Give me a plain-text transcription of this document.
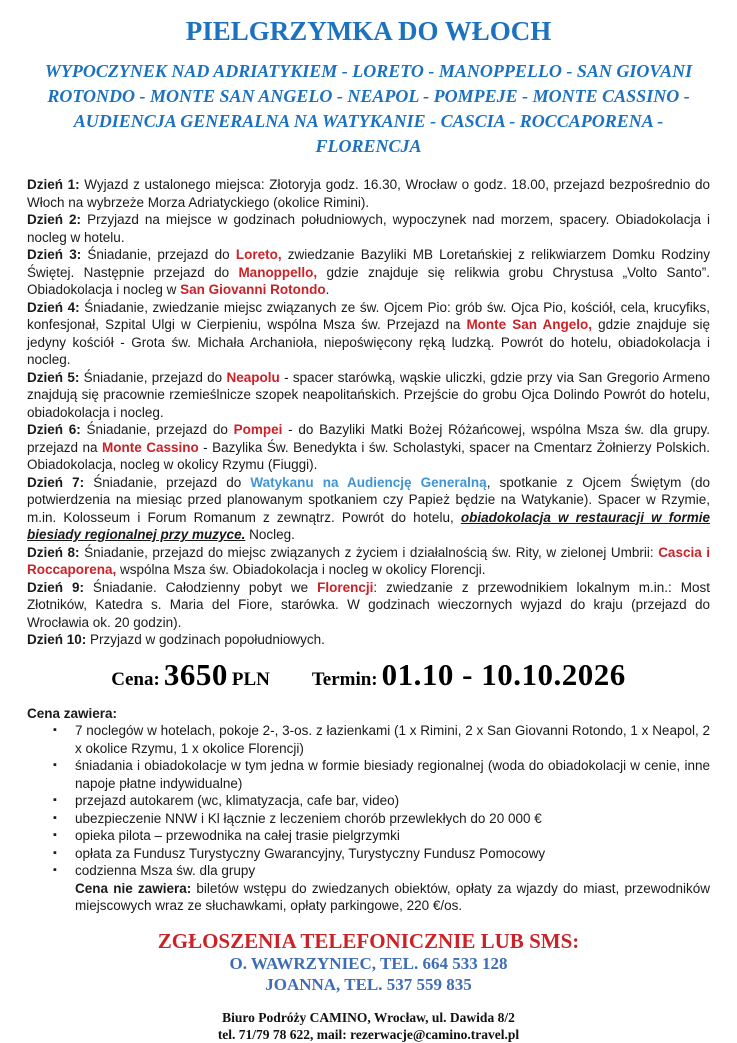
PIELGRZYMKA DO WŁOCH
WYPOCZYNEK NAD ADRIATYKIEM - LORETO - MANOPPELLO - SAN GIOVANI
ROTONDO - MONTE SAN ANGELO - NEAPOL - POMPEJE - MONTE CASSINO -
AUDIENCJA GENERALNA NA WATYKANIE - CASCIA - ROCCAPORENA -
FLORENCJA

Dzień 1: Wyjazd z ustalonego miejsca: Złotoryja godz. 16.30, Wrocław o godz. 18.00, przejazd bezpośrednio do Włoch na wybrzeże Morza Adriatyckiego (okolice Rimini).

Dzień 2: Przyjazd na miejsce w godzinach południowych, wypoczynek nad morzem, spacery. Obiadokolacja i nocleg w hotelu.

Dzień 3: Śniadanie, przejazd do Loreto, zwiedzanie Bazyliki MB Loretańskiej z relikwiarzem Domku Rodziny Świętej. Następnie przejazd do Manoppello, gdzie znajduje się relikwia grobu Chrystusa „Volto Santo”. Obiadokolacja i nocleg w San Giovanni Rotondo.

Dzień 4: Śniadanie, zwiedzanie miejsc związanych ze św. Ojcem Pio: grób św. Ojca Pio, kościół, cela, krucyfiks, konfesjonał, Szpital Ulgi w Cierpieniu, wspólna Msza św. Przejazd na Monte San Angelo, gdzie znajduje się jedyny kościół - Grota św. Michała Archanioła, niepoświęcony ręką ludzką. Powrót do hotelu, obiadokolacja i nocleg.

Dzień 5: Śniadanie, przejazd do Neapolu - spacer starówką, wąskie uliczki, gdzie przy via San Gregorio Armeno znajdują się pracownie rzemieślnicze szopek neapolitańskich. Przejście do grobu Ojca Dolindo Powrót do hotelu, obiadokolacja i nocleg.

Dzień 6: Śniadanie, przejazd do Pompei - do Bazyliki Matki Bożej Różańcowej, wspólna Msza św. dla grupy. przejazd na Monte Cassino - Bazylika Św. Benedykta i św. Scholastyki, spacer na Cmentarz Żołnierzy Polskich. Obiadokolacja, nocleg w okolicy Rzymu (Fiuggi).

Dzień 7: Śniadanie, przejazd do Watykanu na Audiencję Generalną, spotkanie z Ojcem Świętym (do potwierdzenia na miesiąc przed planowanym spotkaniem czy Papież będzie na Watykanie). Spacer w Rzymie, m.in. Kolosseum i Forum Romanum z zewnątrz. Powrót do hotelu, obiadokolacja w restauracji w formie biesiady regionalnej przy muzyce. Nocleg.

Dzień 8: Śniadanie, przejazd do miejsc związanych z życiem i działalnością św. Rity, w zielonej Umbrii: Cascia i Roccaporena, wspólna Msza św. Obiadokolacja i nocleg w okolicy Florencji.

Dzień 9: Śniadanie. Całodzienny pobyt we Florencji: zwiedzanie z przewodnikiem lokalnym m.in.: Most Złotników, Katedra s. Maria del Fiore, starówka. W godzinach wieczornych wyjazd do kraju (przejazd do Wrocławia ok. 20 godzin).

Dzień 10: Przyjazd w godzinach popołudniowych.

Cena: 3650 PLN Termin: 01.10 - 10.10.2026
Cena zawiera:
▪ 7 noclegów w hotelach, pokoje 2-, 3-os. z łazienkami (1 x Rimini, 2 x San Giovanni Rotondo, 1 x Neapol, 2 x okolice Rzymu, 1 x okolice Florencji)
▪ śniadania i obiadokolacje w tym jedna w formie biesiady regionalnej (woda do obiadokolacji w cenie, inne napoje płatne indywidualne)
▪ przejazd autokarem (wc, klimatyzacja, cafe bar, video)
▪ ubezpieczenie NNW i Kl łącznie z leczeniem chorób przewlekłych do 20 000 €
▪ opieka pilota – przewodnika na całej trasie pielgrzymki
▪ opłata za Fundusz Turystyczny Gwarancyjny, Turystyczny Fundusz Pomocowy
▪ codzienna Msza św. dla grupy
Cena nie zawiera: biletów wstępu do zwiedzanych obiektów, opłaty za wjazdy do miast, przewodników miejscowych wraz ze słuchawkami, opłaty parkingowe, 220 €/os.
ZGŁOSZENIA TELEFONICZNIE LUB SMS:
O. WAWRZYNIEC, TEL. 664 533 128
JOANNA, TEL. 537 559 835
Biuro Podróży CAMINO, Wrocław, ul. Dawida 8/2
tel. 71/79 78 622, mail: rezerwacje@camino.travel.pl
